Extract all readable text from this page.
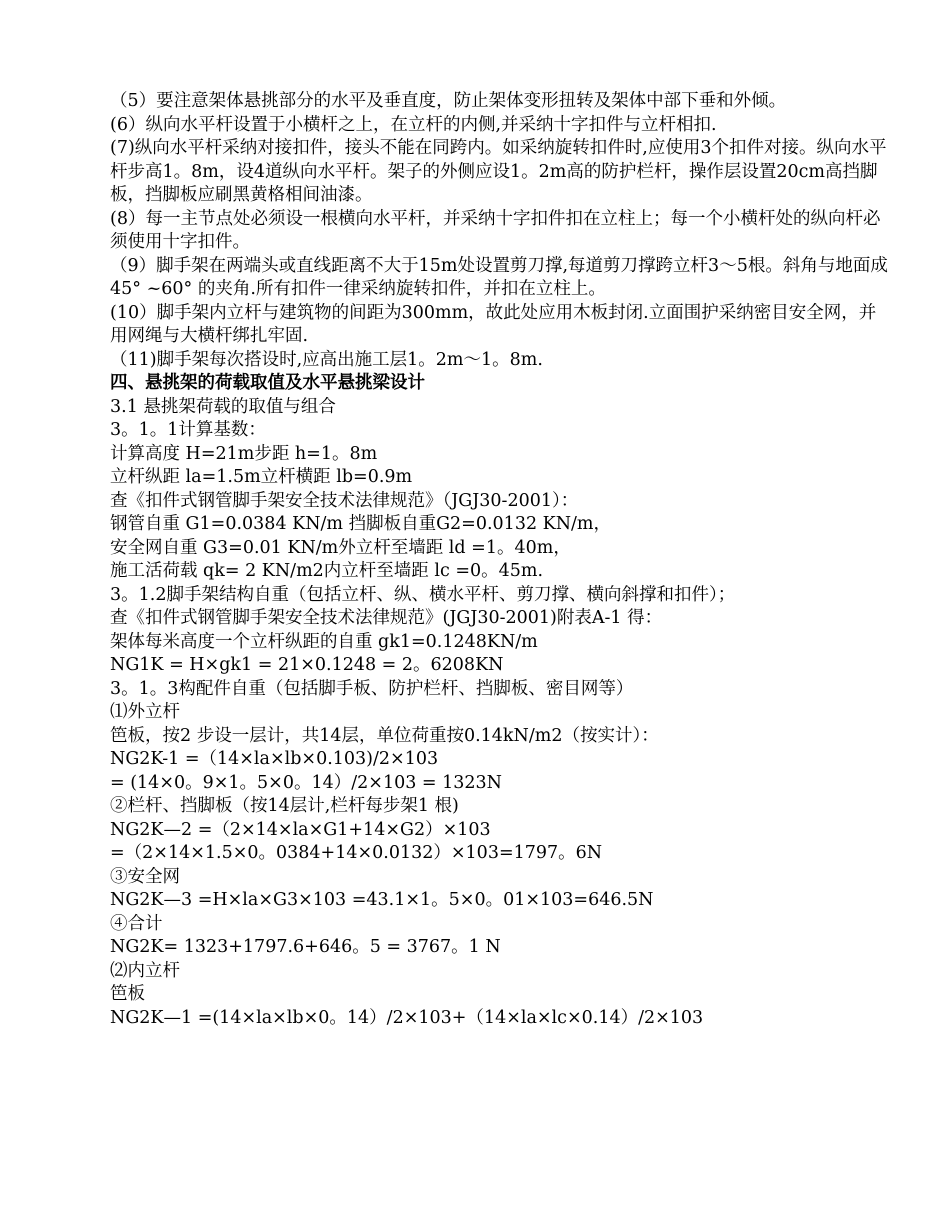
（5）要注意架体悬挑部分的水平及垂直度，防止架体变形扭转及架体中部下垂和外倾。
(6）纵向水平杆设置于小横杆之上，在立杆的内侧,并采纳十字扣件与立杆相扣.
(7)纵向水平杆采纳对接扣件，接头不能在同跨内。如采纳旋转扣件时,应使用3个扣件对接。纵向水平杆步高1。8m，设4道纵向水平杆。架子的外侧应设1。2m高的防护栏杆，操作层设置20cm高挡脚板，挡脚板应刷黑黄格相间油漆。
(8）每一主节点处必须设一根横向水平杆，并采纳十字扣件扣在立柱上；每一个小横杆处的纵向杆必须使用十字扣件。
（9）脚手架在两端头或直线距离不大于15m处设置剪刀撑,每道剪刀撑跨立杆3～5根。斜角与地面成45° ~60° 的夹角.所有扣件一律采纳旋转扣件，并扣在立柱上。
(10）脚手架内立杆与建筑物的间距为300mm，故此处应用木板封闭.立面围护采纳密目安全网，并用网绳与大横杆绑扎牢固.
（11)脚手架每次搭设时,应高出施工层1。2m～1。8m.
四、悬挑架的荷载取值及水平悬挑梁设计
3.1 悬挑架荷载的取值与组合
3。1。1计算基数：
计算高度 H=21m步距 h=1。8m
立杆纵距 la=1.5m立杆横距 lb=0.9m
查《扣件式钢管脚手架安全技术法律规范》（JGJ30-2001）：
钢管自重 G1=0.0384 KN/m 挡脚板自重G2=0.0132 KN/m，
安全网自重 G3=0.01 KN/m外立杆至墙距 ld =1。40m，
施工活荷载 qk= 2 KN/m2内立杆至墙距 lc =0。45m.
3。1.2脚手架结构自重（包括立杆、纵、横水平杆、剪刀撑、横向斜撑和扣件）；
查《扣件式钢管脚手架安全技术法律规范》(JGJ30-2001)附表A-1 得：
架体每米高度一个立杆纵距的自重 gk1=0.1248KN/m
NG1K = H×gk1 = 21×0.1248 = 2。6208KN
3。1。3构配件自重（包括脚手板、防护栏杆、挡脚板、密目网等）
⑴外立杆
笆板，按2 步设一层计，共14层，单位荷重按0.14kN/m2（按实计）：
NG2K-1 =（14×la×lb×0.103)/2×103
= (14×0。9×1。5×0。14）/2×103 = 1323N
②栏杆、挡脚板（按14层计,栏杆每步架1 根)
NG2K—2 =（2×14×la×G1+14×G2）×103
=（2×14×1.5×0。0384+14×0.0132）×103=1797。6N
③安全网
NG2K—3 =H×la×G3×103 =43.1×1。5×0。01×103=646.5N
④合计
NG2K= 1323+1797.6+646。5 = 3767。1 N
⑵内立杆
笆板
NG2K—1 =(14×la×lb×0。14）/2×103+（14×la×lc×0.14）/2×103
